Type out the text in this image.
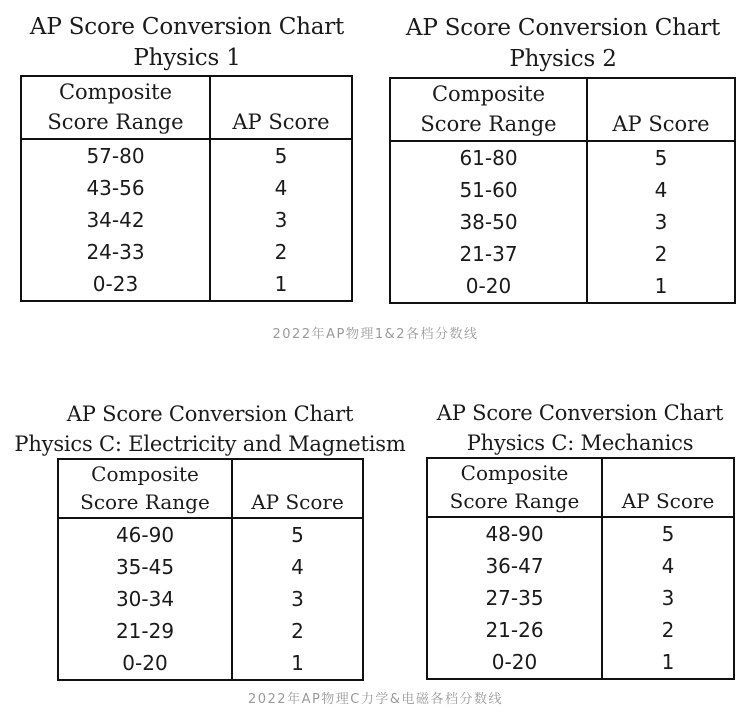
AP Score Conversion Chart
Physics 1
Composite
Score Range	AP Score
57-80	5
43-56	4
34-42	3
24-33	2
0-23	1
AP Score Conversion Chart
Physics 2
Composite
Score Range	AP Score
61-80	5
51-60	4
38-50	3
21-37	2
0-20	1
2022年AP物理1&2各档分数线
AP Score Conversion Chart
Physics C: Electricity and Magnetism
Composite
Score Range	AP Score
46-90	5
35-45	4
30-34	3
21-29	2
0-20	1
AP Score Conversion Chart
Physics C: Mechanics
Composite
Score Range	AP Score
48-90	5
36-47	4
27-35	3
21-26	2
0-20	1
2022年AP物理C力学&电磁各档分数线
